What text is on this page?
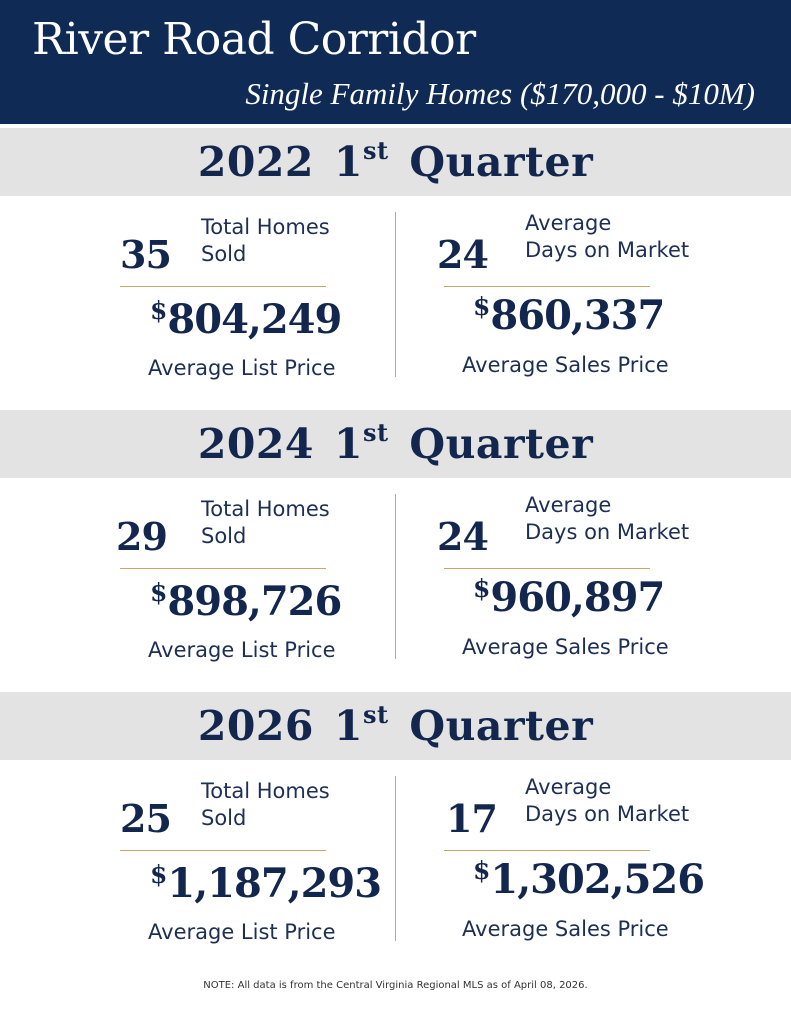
River Road Corridor
Single Family Homes ($170,000 - $10M)
2022 1st Quarter
35
Total Homes
Sold	24
Average
Days on Market
$804,249
Average List Price
$860,337
Average Sales Price
2024 1st Quarter
29
Total Homes
Sold	24
Average
Days on Market
$898,726
Average List Price
$960,897
Average Sales Price
2026 1st Quarter
25
Total Homes
Sold	17
Average
Days on Market
$1,187,293
Average List Price
$1,302,526
Average Sales Price
NOTE: All data is from the Central Virginia Regional MLS as of April 08, 2026.
